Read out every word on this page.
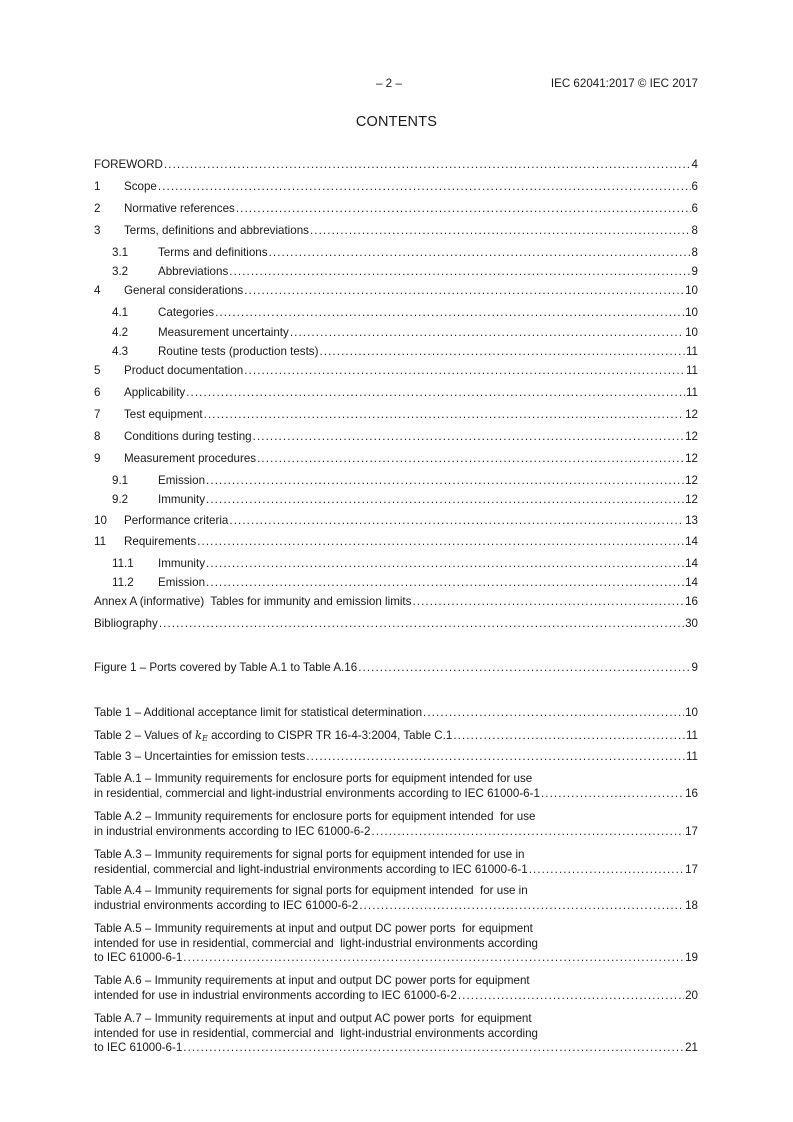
– 2 –	IEC 62041:2017 © IEC 2017
CONTENTS
FOREWORD .....	4
1	Scope .....	6
2	Normative references .....	6
3	Terms, definitions and abbreviations .....	8
3.1	Terms and definitions .....	8
3.2	Abbreviations .....	9
4	General considerations .....	10
4.1	Categories .....	10
4.2	Measurement uncertainty .....	10
4.3	Routine tests (production tests) .....	11
5	Product documentation .....	11
6	Applicability .....	11
7	Test equipment .....	12
8	Conditions during testing .....	12
9	Measurement procedures .....	12
9.1	Emission .....	12
9.2	Immunity .....	12
10	Performance criteria .....	13
11	Requirements .....	14
11.1	Immunity .....	14
11.2	Emission .....	14
Annex A (informative)  Tables for immunity and emission limits .....	16
Bibliography .....	30
Figure 1 – Ports covered by Table A.1 to Table A.16 .....	9
Table 1 – Additional acceptance limit for statistical determination .....	10
Table 2 – Values of $k_E$ according to CISPR TR 16-4-3:2004, Table C.1 .....	11
Table 3 – Uncertainties for emission tests .....	11
Table A.1 – Immunity requirements for enclosure ports for equipment intended for use
in residential, commercial and light-industrial environments according to IEC 61000-6-1 .....	16
Table A.2 – Immunity requirements for enclosure ports for equipment intended  for use
in industrial environments according to IEC 61000-6-2 .....	17
Table A.3 – Immunity requirements for signal ports for equipment intended for use in
residential, commercial and light-industrial environments according to IEC 61000-6-1 .....	17
Table A.4 – Immunity requirements for signal ports for equipment intended  for use in
industrial environments according to IEC 61000-6-2 .....	18
Table A.5 – Immunity requirements at input and output DC power ports  for equipment
intended for use in residential, commercial and  light-industrial environments according
to IEC 61000-6-1 .....	19
Table A.6 – Immunity requirements at input and output DC power ports for equipment
intended for use in industrial environments according to IEC 61000-6-2 .....	20
Table A.7 – Immunity requirements at input and output AC power ports  for equipment
intended for use in residential, commercial and  light-industrial environments according
to IEC 61000-6-1 .....	21
